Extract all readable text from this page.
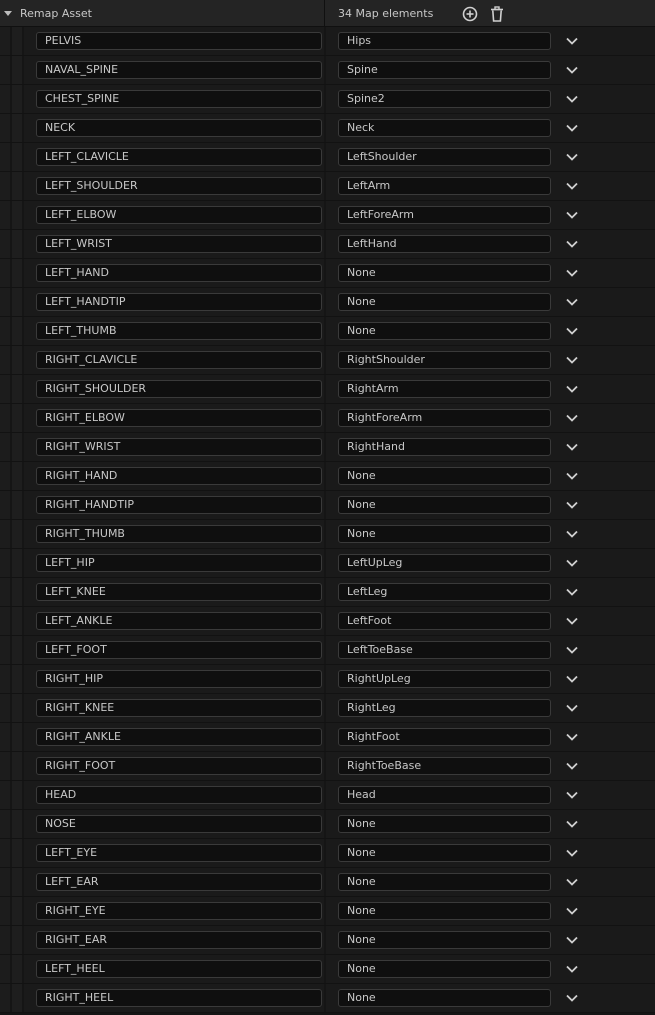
Remap Asset	34 Map elements
PELVIS	Hips
NAVAL_SPINE	Spine
CHEST_SPINE	Spine2
NECK	Neck
LEFT_CLAVICLE	LeftShoulder
LEFT_SHOULDER	LeftArm
LEFT_ELBOW	LeftForeArm
LEFT_WRIST	LeftHand
LEFT_HAND	None
LEFT_HANDTIP	None
LEFT_THUMB	None
RIGHT_CLAVICLE	RightShoulder
RIGHT_SHOULDER	RightArm
RIGHT_ELBOW	RightForeArm
RIGHT_WRIST	RightHand
RIGHT_HAND	None
RIGHT_HANDTIP	None
RIGHT_THUMB	None
LEFT_HIP	LeftUpLeg
LEFT_KNEE	LeftLeg
LEFT_ANKLE	LeftFoot
LEFT_FOOT	LeftToeBase
RIGHT_HIP	RightUpLeg
RIGHT_KNEE	RightLeg
RIGHT_ANKLE	RightFoot
RIGHT_FOOT	RightToeBase
HEAD	Head
NOSE	None
LEFT_EYE	None
LEFT_EAR	None
RIGHT_EYE	None
RIGHT_EAR	None
LEFT_HEEL	None
RIGHT_HEEL	None
